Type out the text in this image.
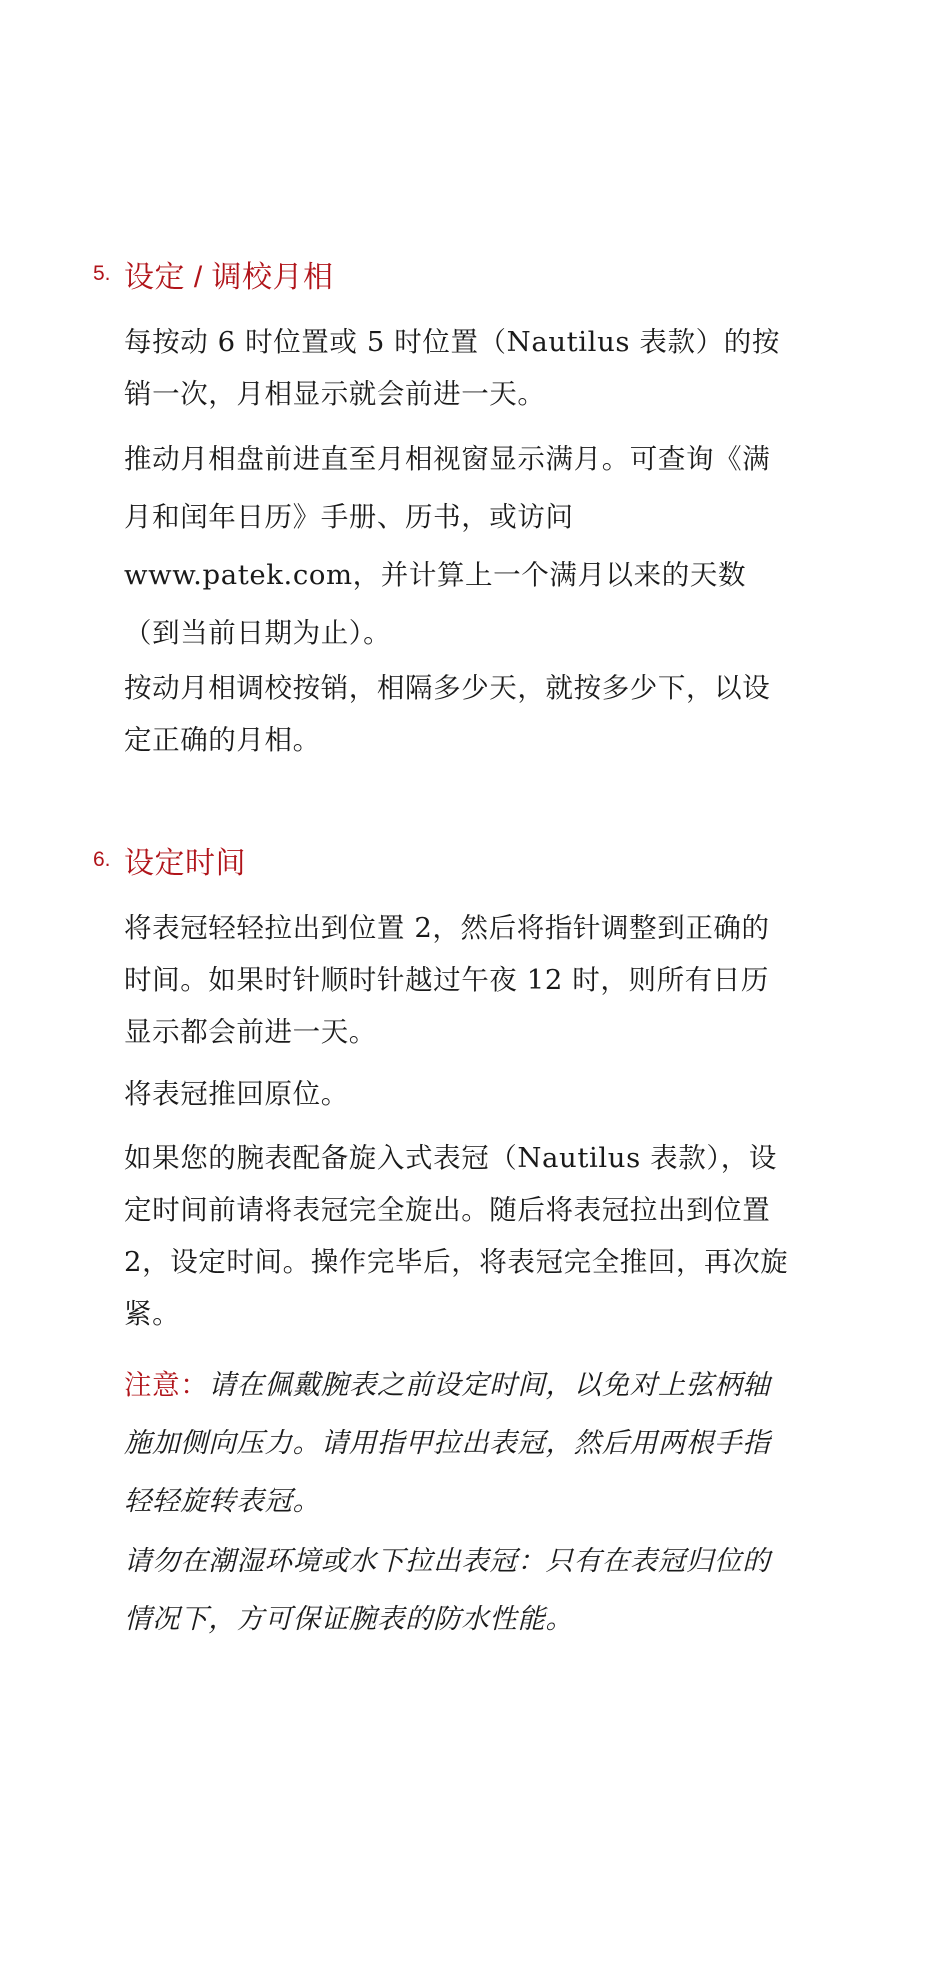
5. 设定 / 调校月相

每按动 6 时位置或 5 时位置（Nautilus 表款）的按销一次，月相显示就会前进一天。

推动月相盘前进直至月相视窗显示满月。可查询《满月和闰年日历》手册、历书，或访问 www.patek.com，并计算上一个满月以来的天数（到当前日期为止）。

按动月相调校按销，相隔多少天，就按多少下，以设定正确的月相。

6. 设定时间

将表冠轻轻拉出到位置 2，然后将指针调整到正确的时间。如果时针顺时针越过午夜 12 时，则所有日历显示都会前进一天。

将表冠推回原位。

如果您的腕表配备旋入式表冠（Nautilus 表款），设定时间前请将表冠完全旋出。随后将表冠拉出到位置 2，设定时间。操作完毕后，将表冠完全推回，再次旋紧。

注意：请在佩戴腕表之前设定时间，以免对上弦柄轴施加侧向压力。请用指甲拉出表冠，然后用两根手指轻轻旋转表冠。

请勿在潮湿环境或水下拉出表冠：只有在表冠归位的情况下，方可保证腕表的防水性能。
